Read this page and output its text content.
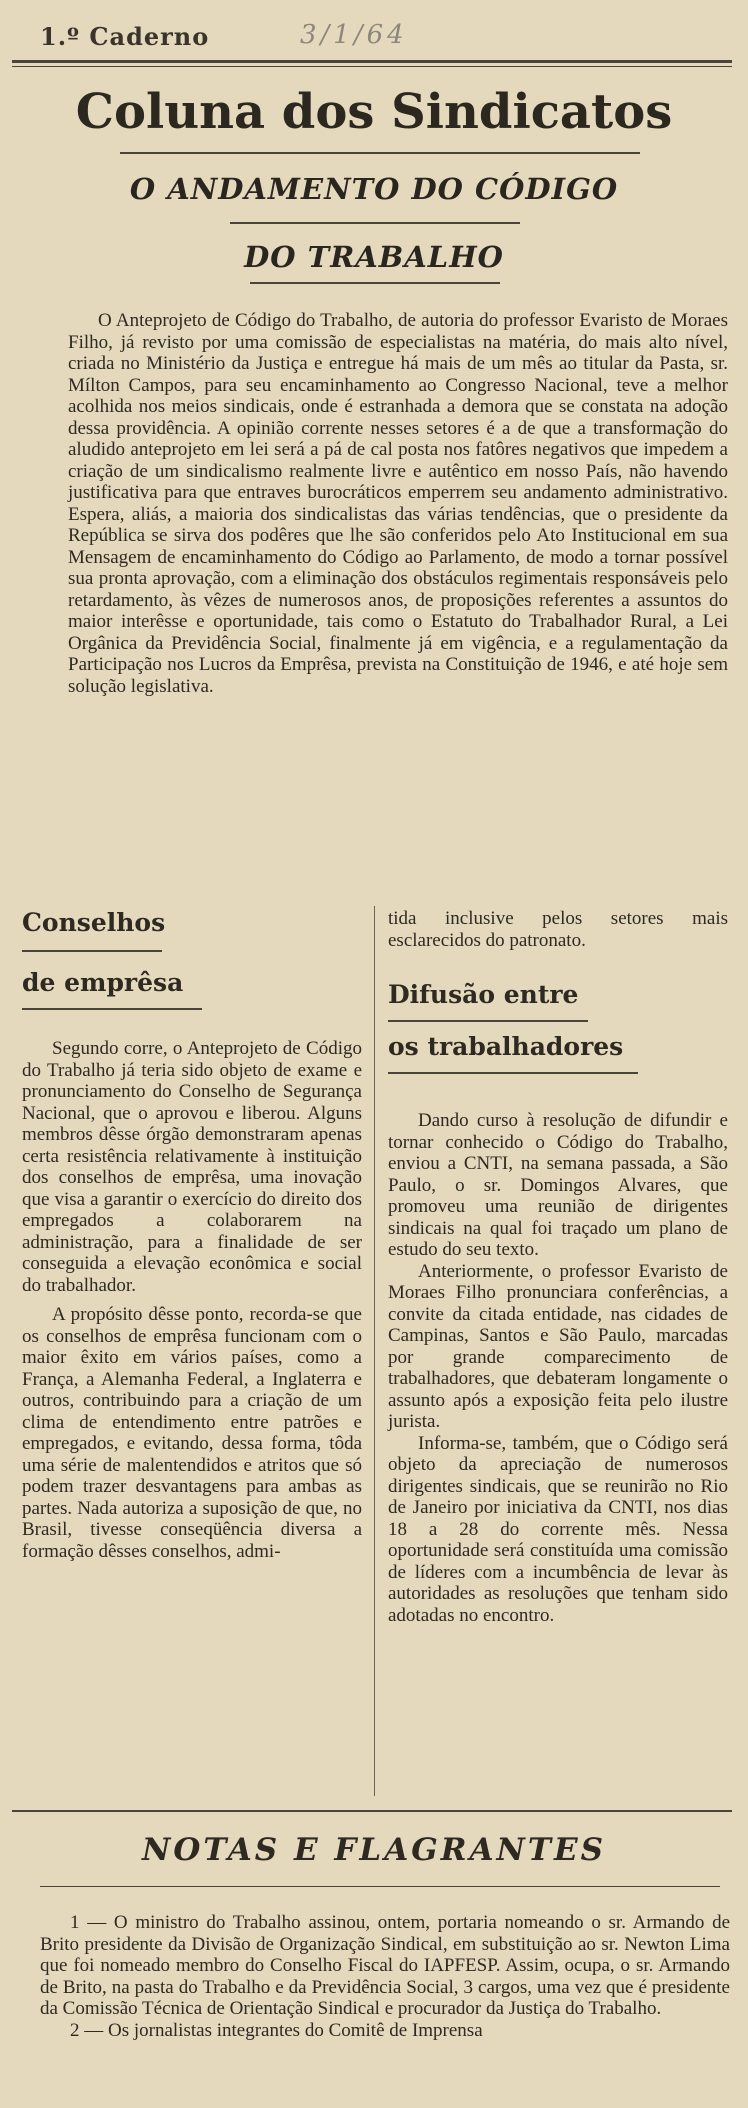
1.º Caderno	3/1/64
Coluna dos Sindicatos
O ANDAMENTO DO CÓDIGO
DO TRABALHO

O Anteprojeto de Código do Trabalho, de autoria do professor Evaristo de Moraes Filho, já revisto por uma comissão de especialistas na matéria, do mais alto nível, criada no Ministério da Justiça e entregue há mais de um mês ao titular da Pasta, sr. Mílton Campos, para seu encaminhamento ao Congresso Nacional, teve a melhor acolhida nos meios sindicais, onde é estranhada a demora que se constata na adoção dessa providência. A opinião corrente nesses setores é a de que a transformação do aludido anteprojeto em lei será a pá de cal posta nos fatôres negativos que impedem a criação de um sindicalismo realmente livre e autêntico em nosso País, não havendo justificativa para que entraves burocráticos emperrem seu andamento administrativo. Espera, aliás, a maioria dos sindicalistas das várias tendências, que o presidente da República se sirva dos podêres que lhe são conferidos pelo Ato Institucional em sua Mensagem de encaminhamento do Código ao Parlamento, de modo a tornar possível sua pronta aprovação, com a eliminação dos obstáculos regimentais responsáveis pelo retardamento, às vêzes de numerosos anos, de proposições referentes a assuntos do maior interêsse e oportunidade, tais como o Estatuto do Trabalhador Rural, a Lei Orgânica da Previdência Social, finalmente já em vigência, e a regulamentação da Participação nos Lucros da Emprêsa, prevista na Constituição de 1946, e até hoje sem solução legislativa.

Conselhos
de emprêsa

Segundo corre, o Anteprojeto de Código do Trabalho já teria sido objeto de exame e pronunciamento do Conselho de Segurança Nacional, que o aprovou e liberou. Alguns membros dêsse órgão demonstraram apenas certa resistência relativamente à instituição dos conselhos de emprêsa, uma inovação que visa a garantir o exercício do direito dos empregados a colaborarem na administração, para a finalidade de ser conseguida a elevação econômica e social do trabalhador.

A propósito dêsse ponto, recorda-se que os conselhos de emprêsa funcionam com o maior êxito em vários países, como a França, a Alemanha Federal, a Inglaterra e outros, contribuindo para a criação de um clima de entendimento entre patrões e empregados, e evitando, dessa forma, tôda uma série de malentendidos e atritos que só podem trazer desvantagens para ambas as partes. Nada autoriza a suposição de que, no Brasil, tivesse conseqüência diversa a formação dêsses conselhos, admi-

tida inclusive pelos setores mais esclarecidos do patronato.
Difusão entre
os trabalhadores

Dando curso à resolução de difundir e tornar conhecido o Código do Trabalho, enviou a CNTI, na semana passada, a São Paulo, o sr. Domingos Alvares, que promoveu uma reunião de dirigentes sindicais na qual foi traçado um plano de estudo do seu texto.

Anteriormente, o professor Evaristo de Moraes Filho pronunciara conferências, a convite da citada entidade, nas cidades de Campinas, Santos e São Paulo, marcadas por grande comparecimento de trabalhadores, que debateram longamente o assunto após a exposição feita pelo ilustre jurista.

Informa-se, também, que o Código será objeto da apreciação de numerosos dirigentes sindicais, que se reunirão no Rio de Janeiro por iniciativa da CNTI, nos dias 18 a 28 do corrente mês. Nessa oportunidade será constituída uma comissão de líderes com a incumbência de levar às autoridades as resoluções que tenham sido adotadas no encontro.

NOTAS E FLAGRANTES

1 — O ministro do Trabalho assinou, ontem, portaria nomeando o sr. Armando de Brito presidente da Divisão de Organização Sindical, em substituição ao sr. Newton Lima que foi nomeado membro do Conselho Fiscal do IAPFESP. Assim, ocupa, o sr. Armando de Brito, na pasta do Trabalho e da Previdência Social, 3 cargos, uma vez que é presidente da Comissão Técnica de Orientação Sindical e procurador da Justiça do Trabalho.

2 — Os jornalistas integrantes do Comitê de Imprensa
